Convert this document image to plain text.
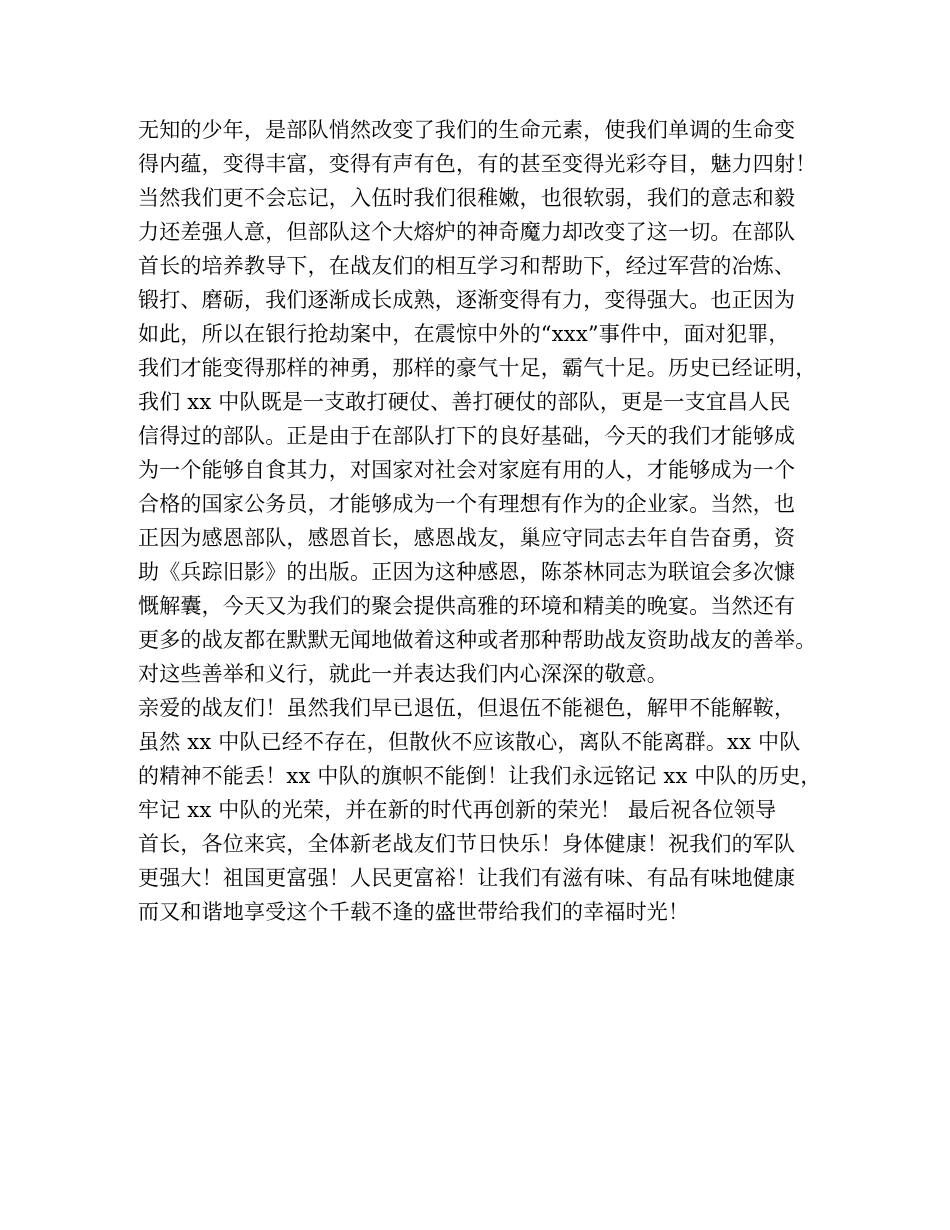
无知的少年，是部队悄然改变了我们的生命元素，使我们单调的生命变
得内蕴，变得丰富，变得有声有色，有的甚至变得光彩夺目，魅力四射！
当然我们更不会忘记，入伍时我们很稚嫩，也很软弱，我们的意志和毅
力还差强人意，但部队这个大熔炉的神奇魔力却改变了这一切。在部队
首长的培养教导下，在战友们的相互学习和帮助下，经过军营的冶炼、
锻打、磨砺，我们逐渐成长成熟，逐渐变得有力，变得强大。也正因为
如此，所以在银行抢劫案中，在震惊中外的“xxx”事件中，面对犯罪，
我们才能变得那样的神勇，那样的豪气十足，霸气十足。历史已经证明，
我们 xx 中队既是一支敢打硬仗、善打硬仗的部队，更是一支宜昌人民
信得过的部队。正是由于在部队打下的良好基础，今天的我们才能够成
为一个能够自食其力，对国家对社会对家庭有用的人，才能够成为一个
合格的国家公务员，才能够成为一个有理想有作为的企业家。当然，也
正因为感恩部队，感恩首长，感恩战友，巢应守同志去年自告奋勇，资
助《兵踪旧影》的出版。正因为这种感恩，陈茶林同志为联谊会多次慷
慨解囊，今天又为我们的聚会提供高雅的环境和精美的晚宴。当然还有
更多的战友都在默默无闻地做着这种或者那种帮助战友资助战友的善举。
对这些善举和义行，就此一并表达我们内心深深的敬意。
亲爱的战友们！虽然我们早已退伍，但退伍不能褪色，解甲不能解鞍，
虽然 xx 中队已经不存在，但散伙不应该散心，离队不能离群。xx 中队
的精神不能丢！xx 中队的旗帜不能倒！让我们永远铭记 xx 中队的历史，
牢记 xx 中队的光荣，并在新的时代再创新的荣光！ 最后祝各位领导
首长，各位来宾，全体新老战友们节日快乐！身体健康！祝我们的军队
更强大！祖国更富强！人民更富裕！让我们有滋有味、有品有味地健康
而又和谐地享受这个千载不逢的盛世带给我们的幸福时光！
